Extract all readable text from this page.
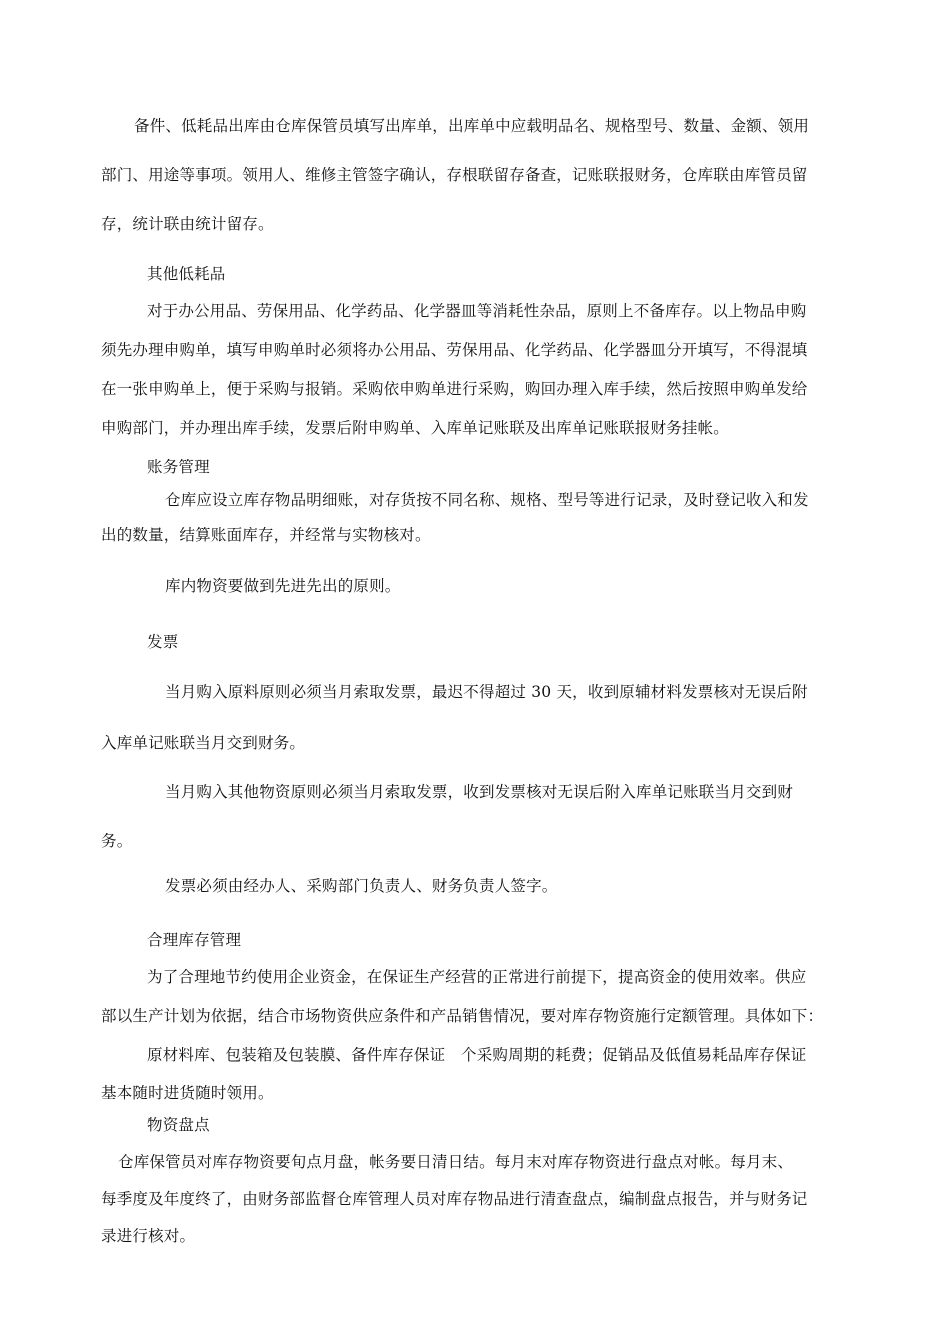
备件、低耗品出库由仓库保管员填写出库单，出库单中应载明品名、规格型号、数量、金额、领用
部门、用途等事项。领用人、维修主管签字确认，存根联留存备查，记账联报财务，仓库联由库管员留
存，统计联由统计留存。
其他低耗品
对于办公用品、劳保用品、化学药品、化学器皿等消耗性杂品，原则上不备库存。以上物品申购
须先办理申购单，填写申购单时必须将办公用品、劳保用品、化学药品、化学器皿分开填写，不得混填
在一张申购单上，便于采购与报销。采购依申购单进行采购，购回办理入库手续，然后按照申购单发给
申购部门，并办理出库手续，发票后附申购单、入库单记账联及出库单记账联报财务挂帐。
账务管理
仓库应设立库存物品明细账，对存货按不同名称、规格、型号等进行记录，及时登记收入和发
出的数量，结算账面库存，并经常与实物核对。
库内物资要做到先进先出的原则。
发票
当月购入原料原则必须当月索取发票，最迟不得超过 30 天，收到原辅材料发票核对无误后附
入库单记账联当月交到财务。
当月购入其他物资原则必须当月索取发票，收到发票核对无误后附入库单记账联当月交到财
务。
发票必须由经办人、采购部门负责人、财务负责人签字。
合理库存管理
为了合理地节约使用企业资金，在保证生产经营的正常进行前提下，提高资金的使用效率。供应
部以生产计划为依据，结合市场物资供应条件和产品销售情况，要对库存物资施行定额管理。具体如下：
原材料库、包装箱及包装膜、备件库存保证　个采购周期的耗费；促销品及低值易耗品库存保证
基本随时进货随时领用。
物资盘点
仓库保管员对库存物资要旬点月盘，帐务要日清日结。每月末对库存物资进行盘点对帐。每月末、
每季度及年度终了，由财务部监督仓库管理人员对库存物品进行清查盘点，编制盘点报告，并与财务记
录进行核对。
